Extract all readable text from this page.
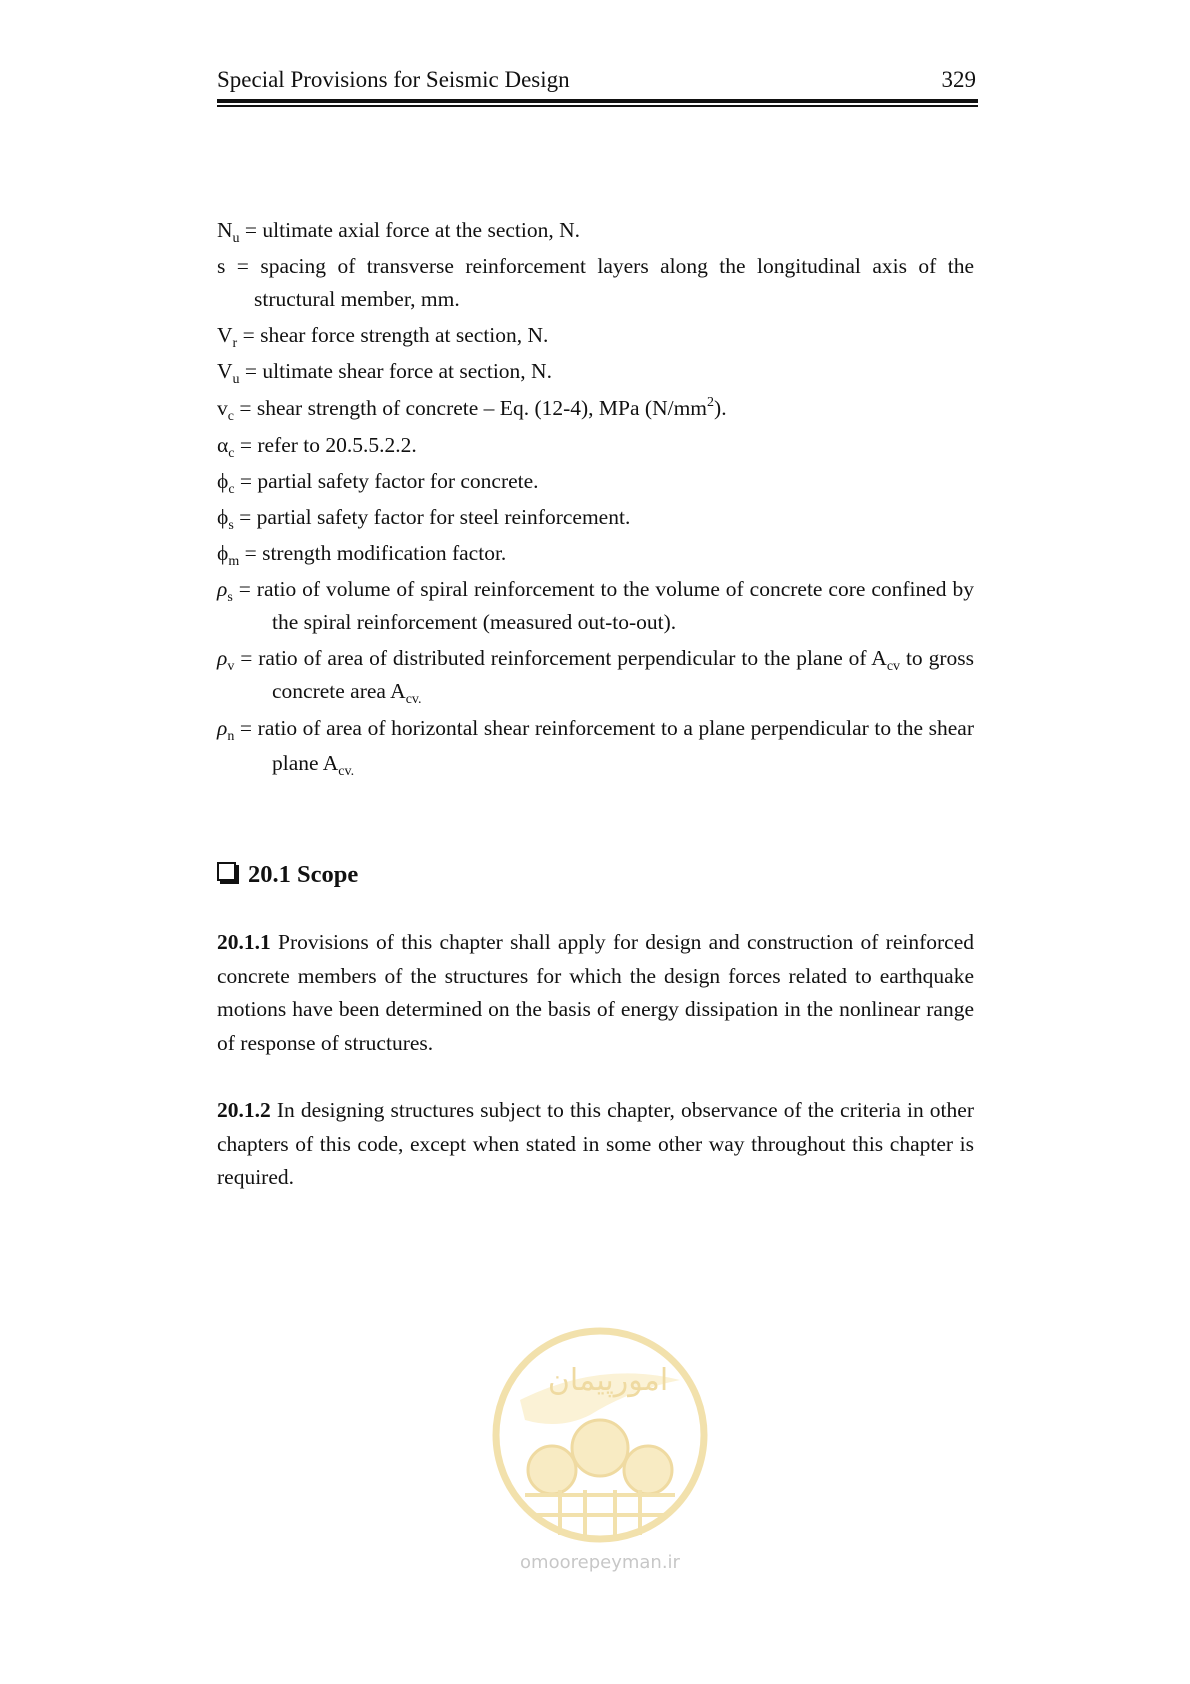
Special Provisions for Seismic Design	329
$N_u$ = ultimate axial force at the section, N.
s = spacing of transverse reinforcement layers along the longitudinal axis of the structural member, mm.
$V_r$ = shear force strength at section, N.
$V_u$ = ultimate shear force at section, N.
$v_c$ = shear strength of concrete – Eq. (12-4), MPa $(N/mm^2)$.
$\alpha_c$ = refer to 20.5.5.2.2.
$\phi_c$ = partial safety factor for concrete.
$\phi_s$ = partial safety factor for steel reinforcement.
$\phi_m$ = strength modification factor.
$\rho_s$ = ratio of volume of spiral reinforcement to the volume of concrete core confined by the spiral reinforcement (measured out-to-out).
$\rho_v$ = ratio of area of distributed reinforcement perpendicular to the plane of $A_{cv}$ to gross concrete area $A_{cv.}$
$\rho_n$ = ratio of area of horizontal shear reinforcement to a plane perpendicular to the shear plane $A_{cv.}$
20.1 Scope

20.1.1 Provisions of this chapter shall apply for design and construction of reinforced concrete members of the structures for which the design forces related to earthquake motions have been determined on the basis of energy dissipation in the nonlinear range of response of structures.

20.1.2 In designing structures subject to this chapter, observance of the criteria in other chapters of this code, except when stated in some other way throughout this chapter is required.

امورپیمان
omoorepeyman.ir
